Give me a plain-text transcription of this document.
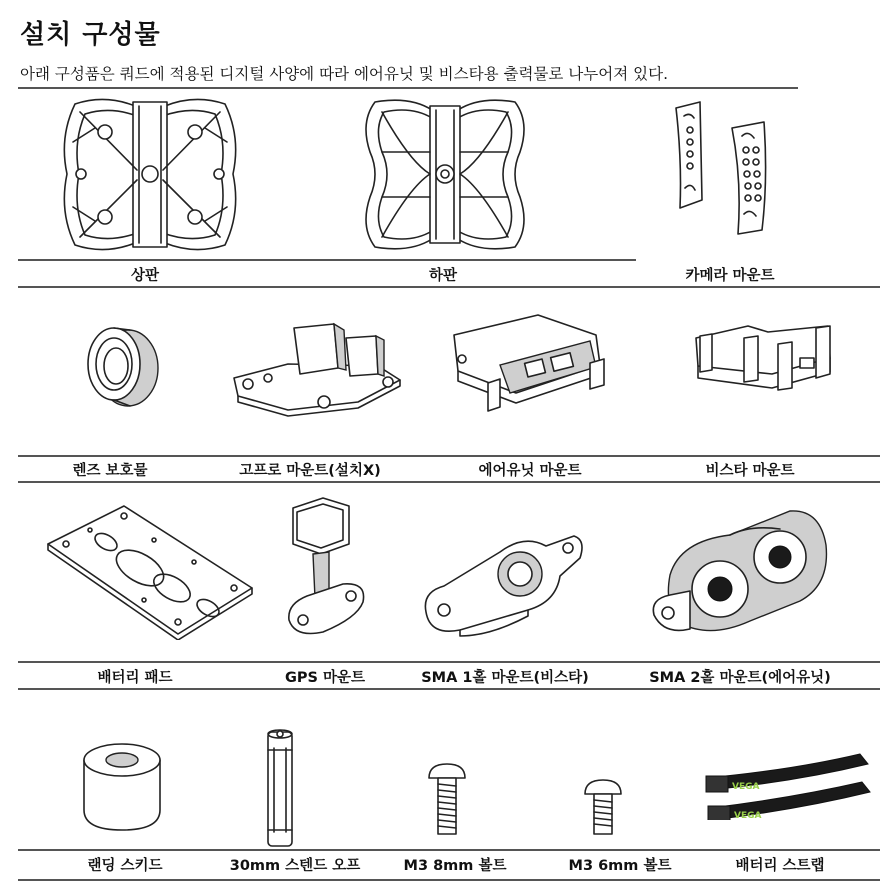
설치 구성물

아래 구성품은 쿼드에 적용된 디지털 사양에 따라 에어유닛 및 비스타용 출력물로 나누어져 있다.

상판	하판	카메라 마운트
렌즈 보호물	고프로 마운트(설치X)	에어유닛 마운트	비스타 마운트
배터리 패드	GPS 마운트	SMA 1홀 마운트(비스타)	SMA 2홀 마운트(에어유닛)
VEGA
VEGA
랜딩 스키드	30mm 스텐드 오프	M3 8mm 볼트	M3 6mm 볼트	배터리 스트랩
